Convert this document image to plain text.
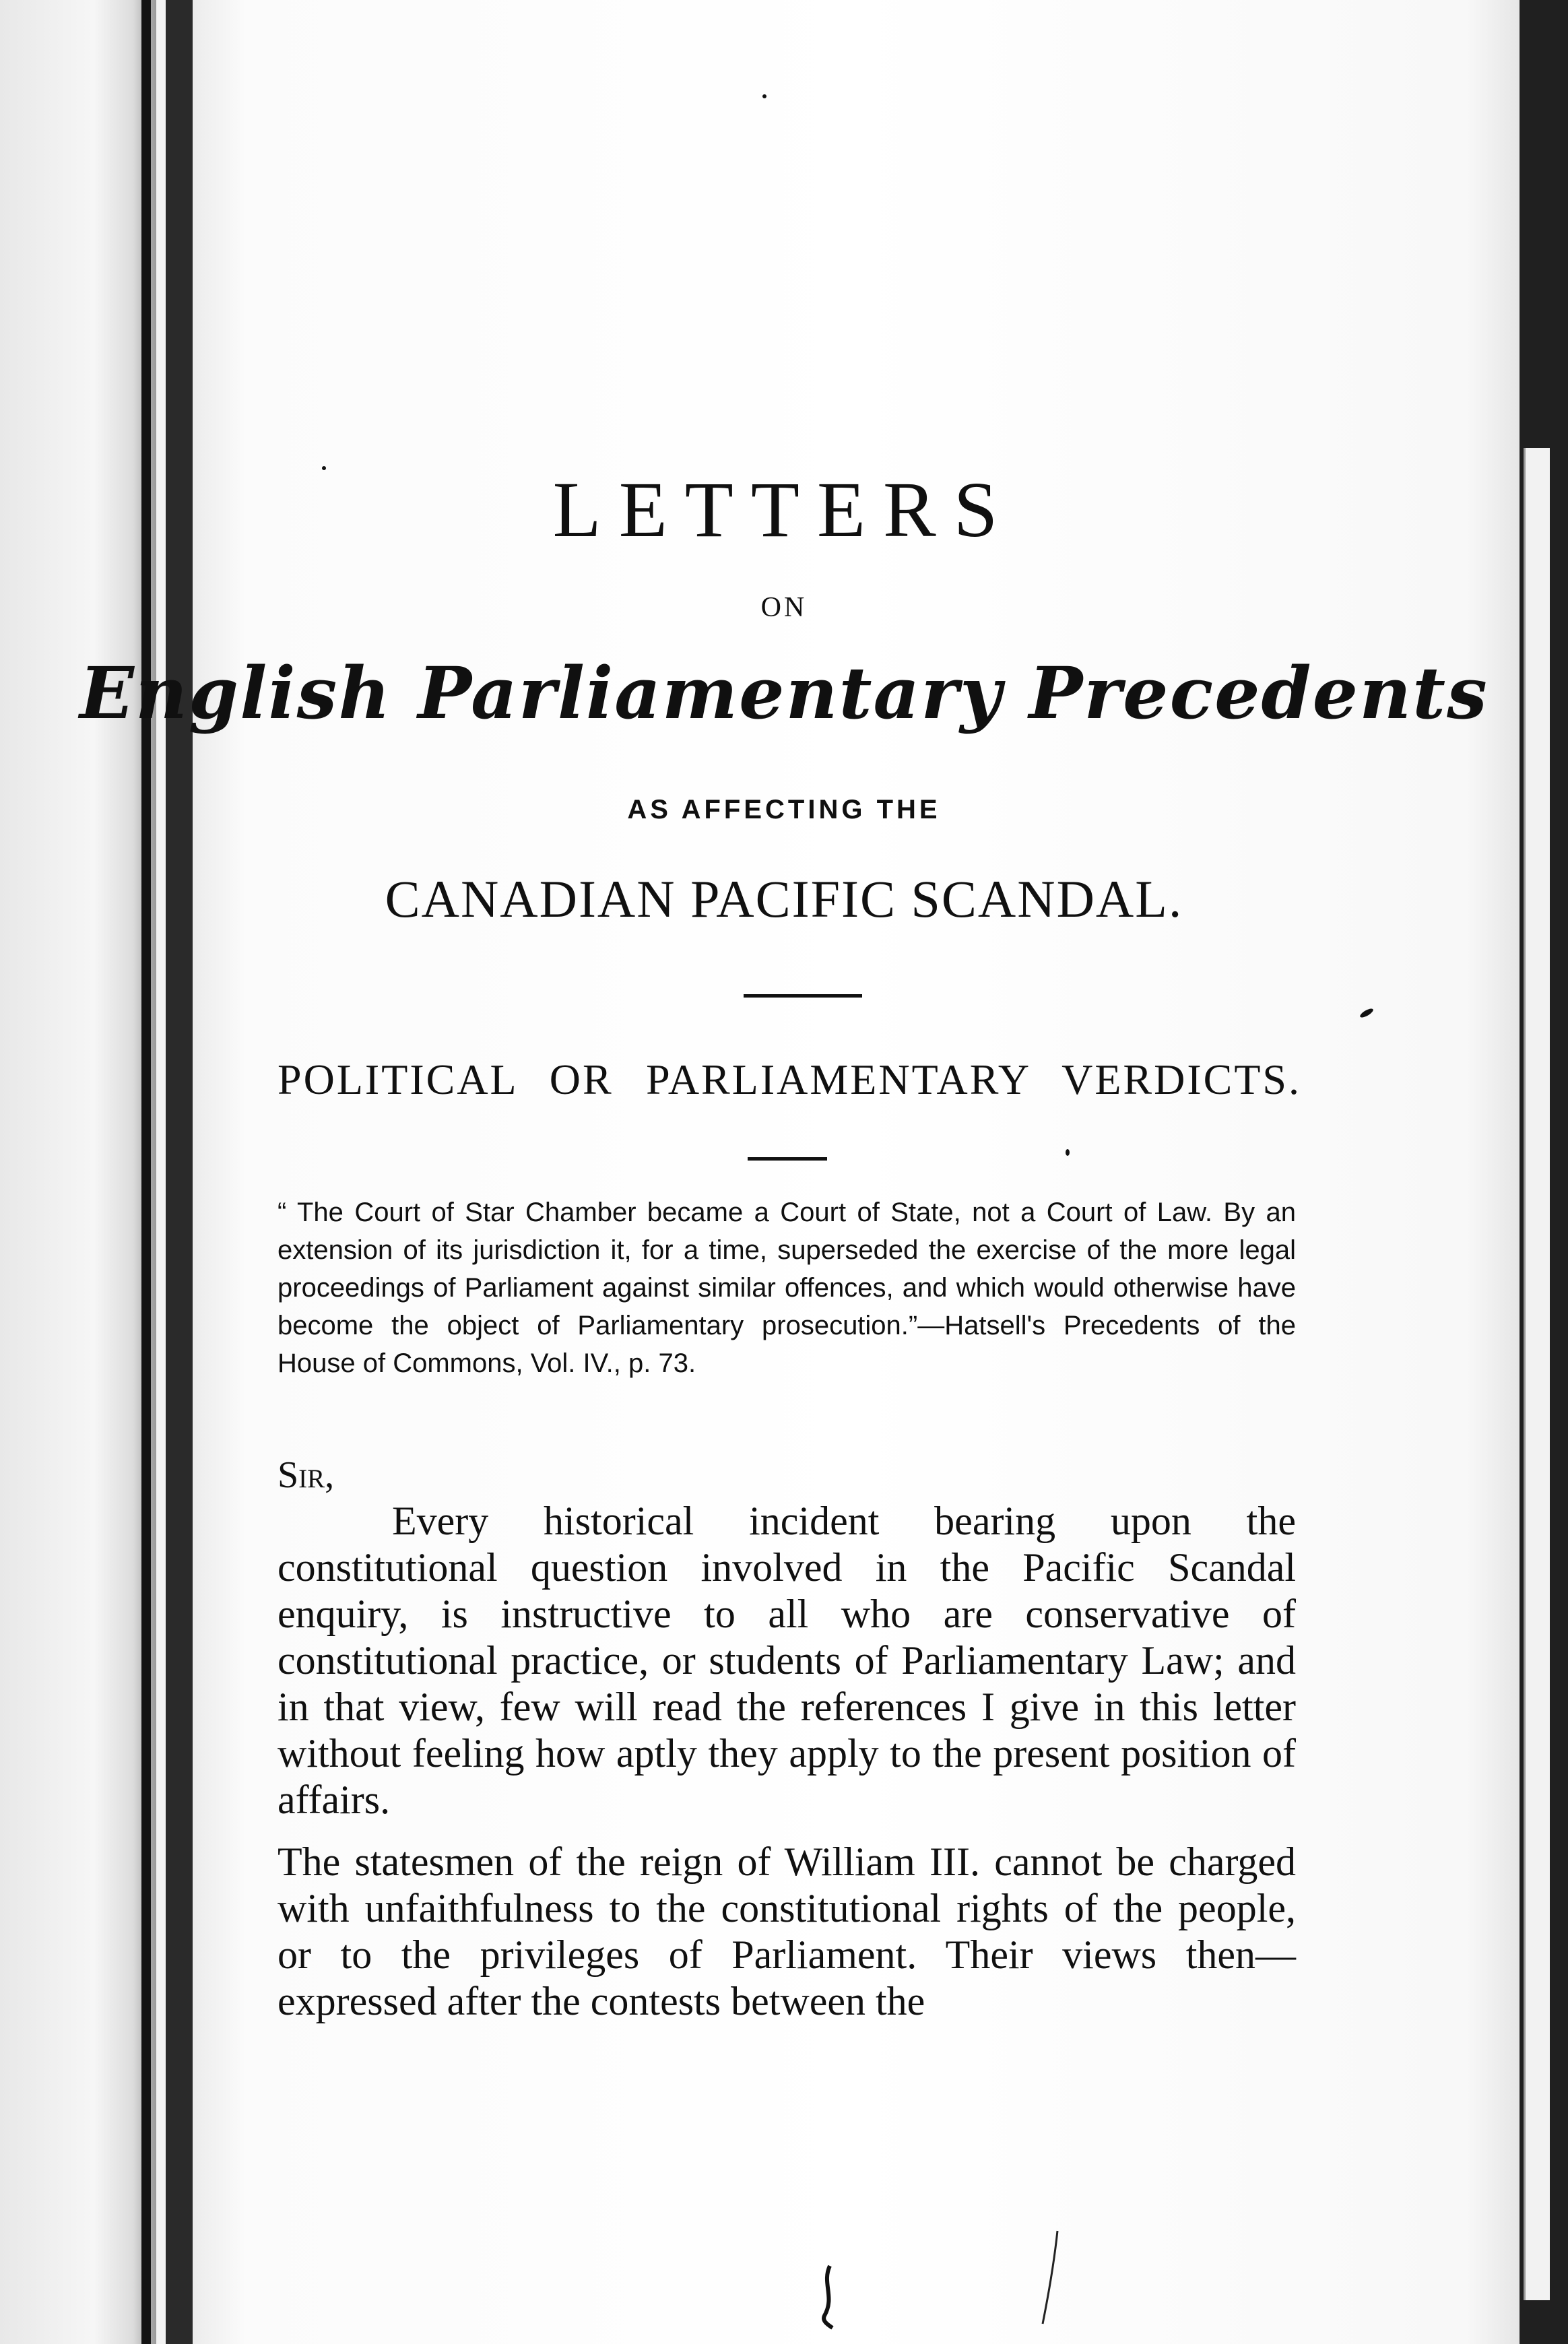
LETTERS
ON
English Parliamentary Precedents
AS AFFECTING THE
CANADIAN PACIFIC SCANDAL.
POLITICAL OR PARLIAMENTARY VERDICTS.
“ The Court of Star Chamber became a Court of State, not a Court of Law. By an extension of its jurisdiction it, for a time, superseded the exercise of the more legal proceedings of Parliament against similar offences, and which would otherwise have become the object of Parliamentary prosecution.”—Hatsell's Precedents of the House of Commons, Vol. IV., p. 73.
Sir,
Every historical incident bearing upon the constitutional question involved in the Pacific Scandal enquiry, is instructive to all who are conservative of constitutional practice, or students of Parliamentary Law; and in that view, few will read the references I give in this letter without feeling how aptly they apply to the present position of affairs.
The statesmen of the reign of William III. cannot be charged with unfaithfulness to the constitutional rights of the people, or to the privileges of Parliament. Their views then—expressed after the contests between the
